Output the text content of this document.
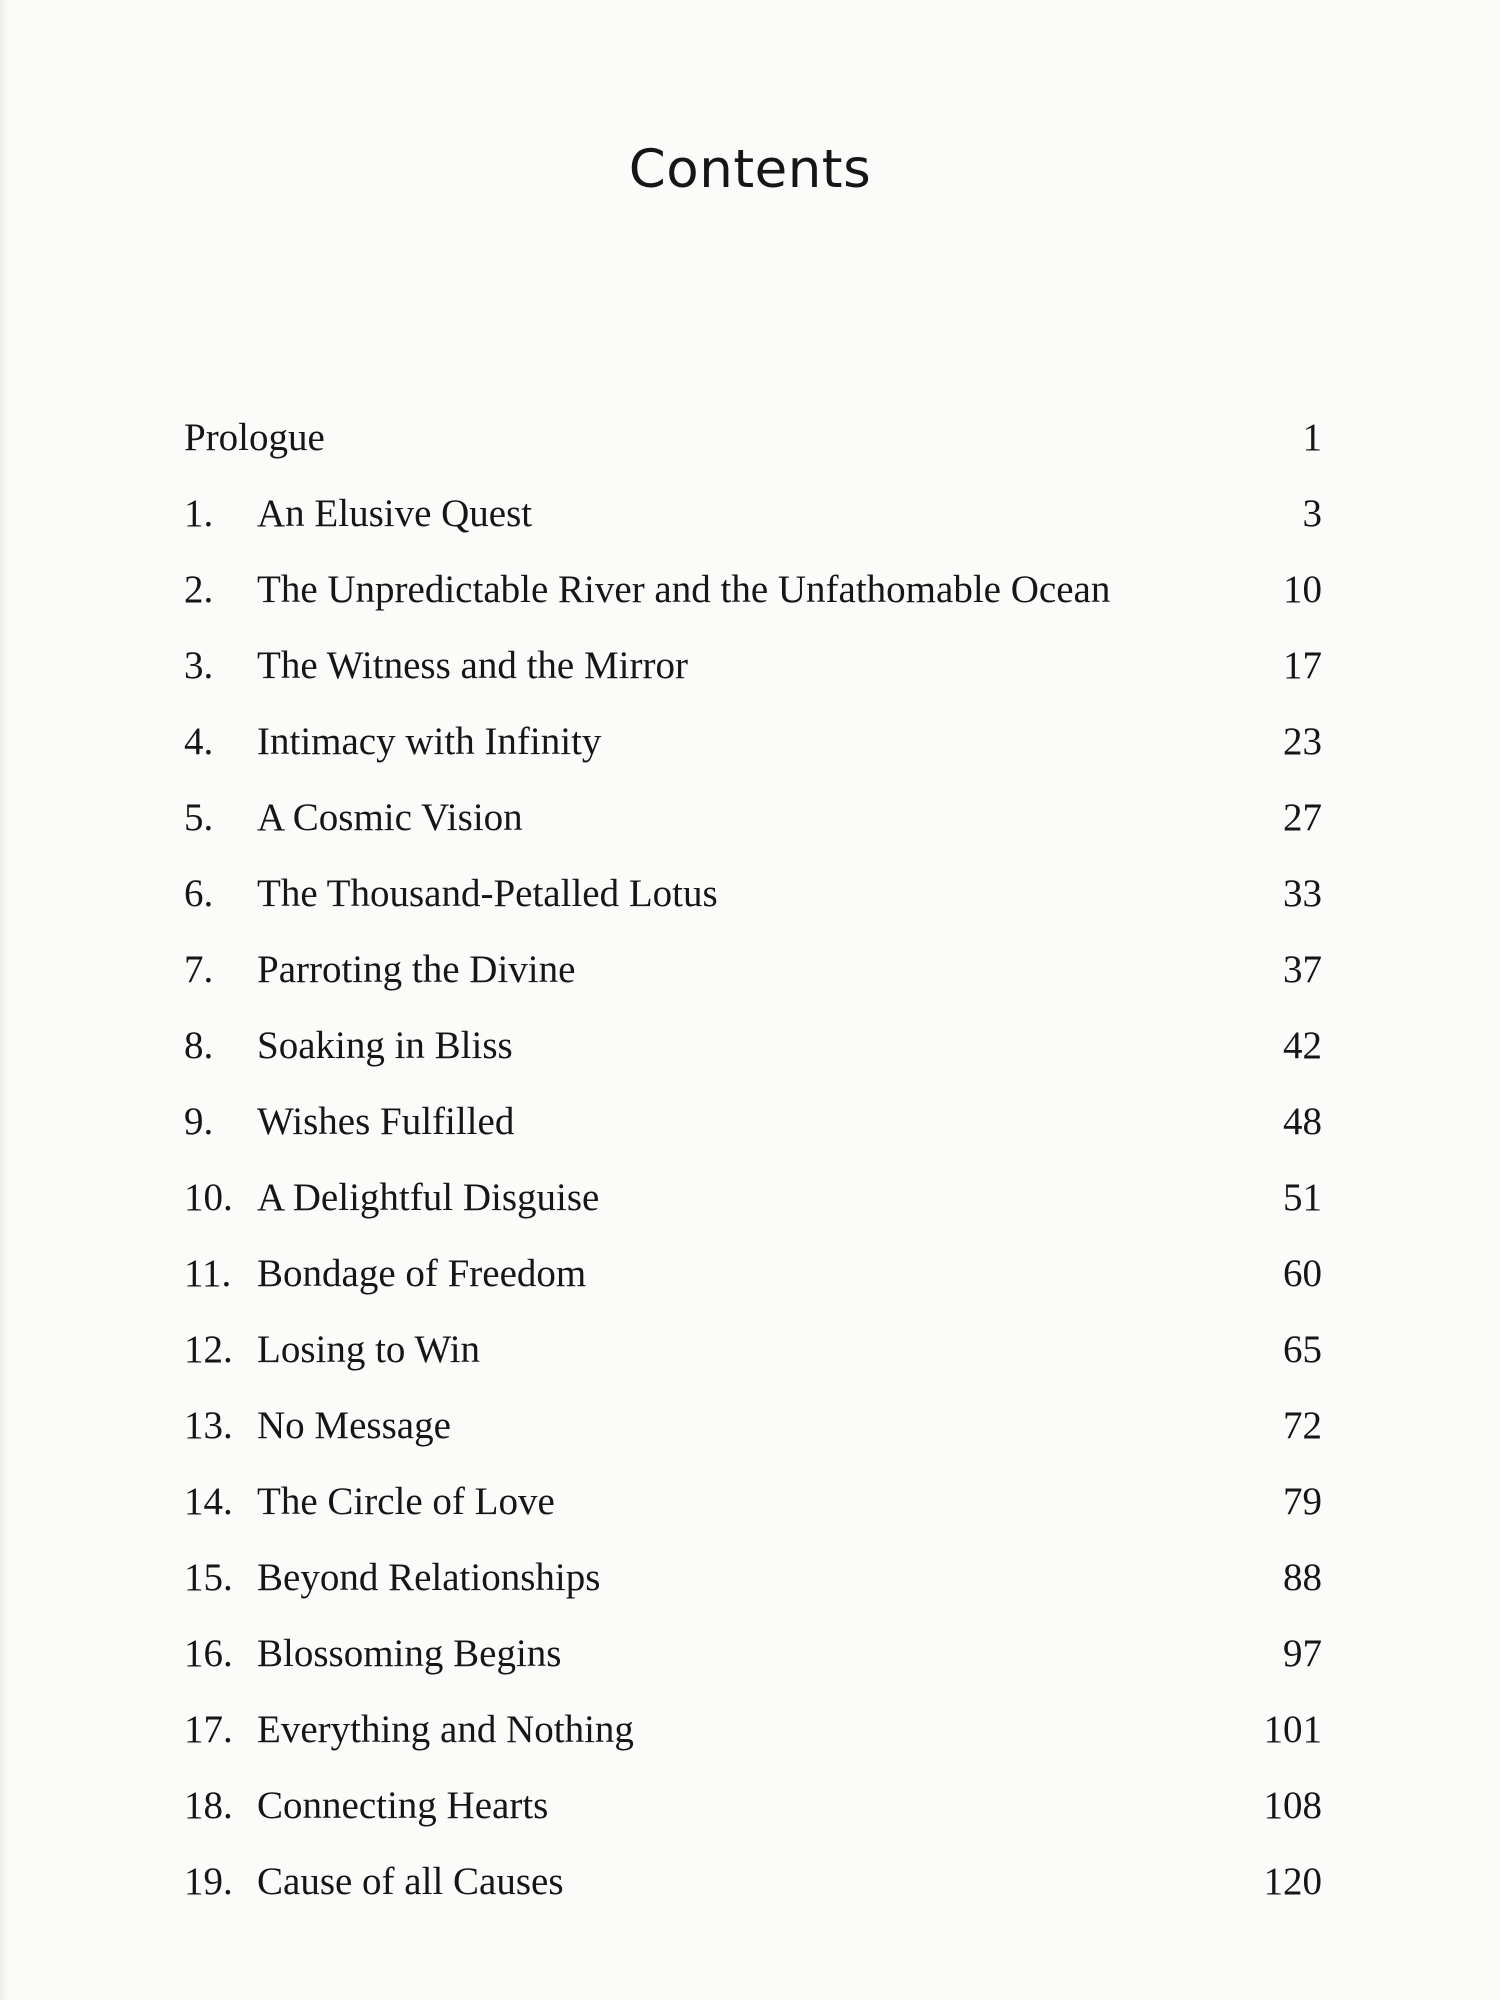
Contents
Prologue	1
1.	An Elusive Quest	3
2.	The Unpredictable River and the Unfathomable Ocean	10
3.	The Witness and the Mirror	17
4.	Intimacy with Infinity	23
5.	A Cosmic Vision	27
6.	The Thousand-Petalled Lotus	33
7.	Parroting the Divine	37
8.	Soaking in Bliss	42
9.	Wishes Fulfilled	48
10. A Delightful Disguise	51
11. Bondage of Freedom	60
12. Losing to Win	65
13. No Message	72
14. The Circle of Love	79
15. Beyond Relationships	88
16. Blossoming Begins	97
17. Everything and Nothing	101
18. Connecting Hearts	108
19. Cause of all Causes	120
